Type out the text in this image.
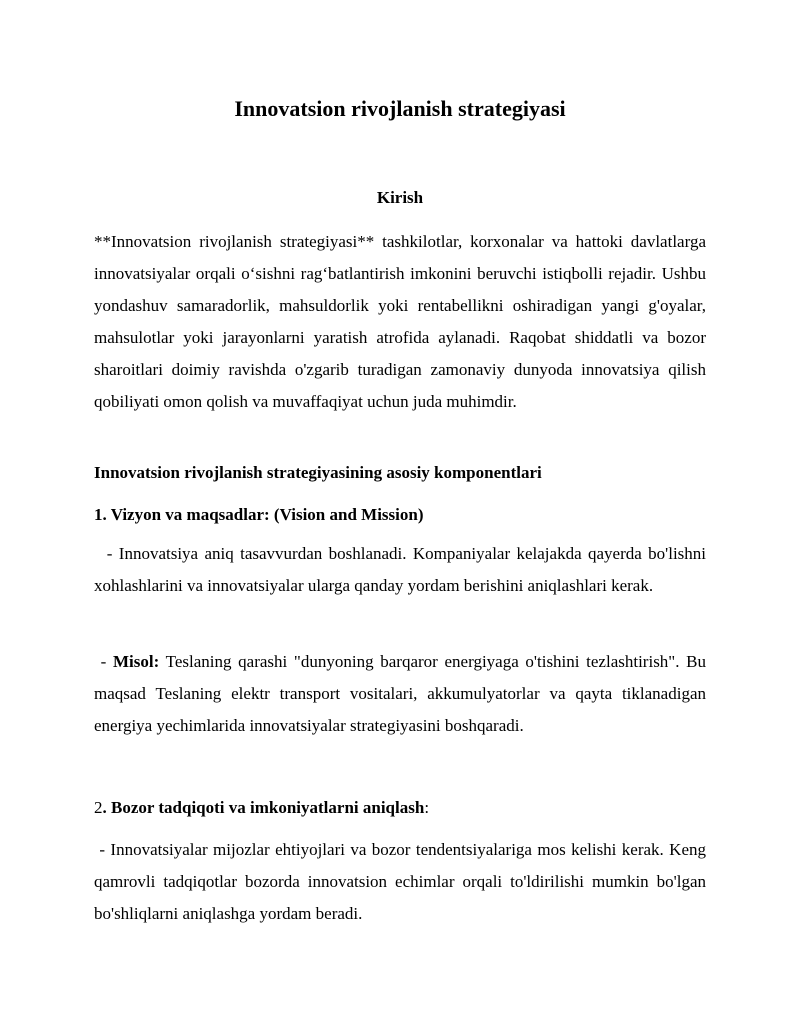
Innovatsion rivojlanish strategiyasi
Kirish

**Innovatsion rivojlanish strategiyasi** tashkilotlar, korxonalar va hattoki davlatlarga innovatsiyalar orqali o‘sishni rag‘batlantirish imkonini beruvchi istiqbolli rejadir. Ushbu yondashuv samaradorlik, mahsuldorlik yoki rentabellikni oshiradigan yangi g'oyalar, mahsulotlar yoki jarayonlarni yaratish atrofida aylanadi. Raqobat shiddatli va bozor sharoitlari doimiy ravishda o'zgarib turadigan zamonaviy dunyoda innovatsiya qilish qobiliyati omon qolish va muvaffaqiyat uchun juda muhimdir.

Innovatsion rivojlanish strategiyasining asosiy komponentlari
1. Vizyon va maqsadlar: (Vision and Mission)

- Innovatsiya aniq tasavvurdan boshlanadi. Kompaniyalar kelajakda qayerda bo'lishni xohlashlarini va innovatsiyalar ularga qanday yordam berishini aniqlashlari kerak.

- Misol: Teslaning qarashi "dunyoning barqaror energiyaga o'tishini tezlashtirish". Bu maqsad Teslaning elektr transport vositalari, akkumulyatorlar va qayta tiklanadigan energiya yechimlarida innovatsiyalar strategiyasini boshqaradi.

2. Bozor tadqiqoti va imkoniyatlarni aniqlash:

- Innovatsiyalar mijozlar ehtiyojlari va bozor tendentsiyalariga mos kelishi kerak. Keng qamrovli tadqiqotlar bozorda innovatsion echimlar orqali to'ldirilishi mumkin bo'lgan bo'shliqlarni aniqlashga yordam beradi.
